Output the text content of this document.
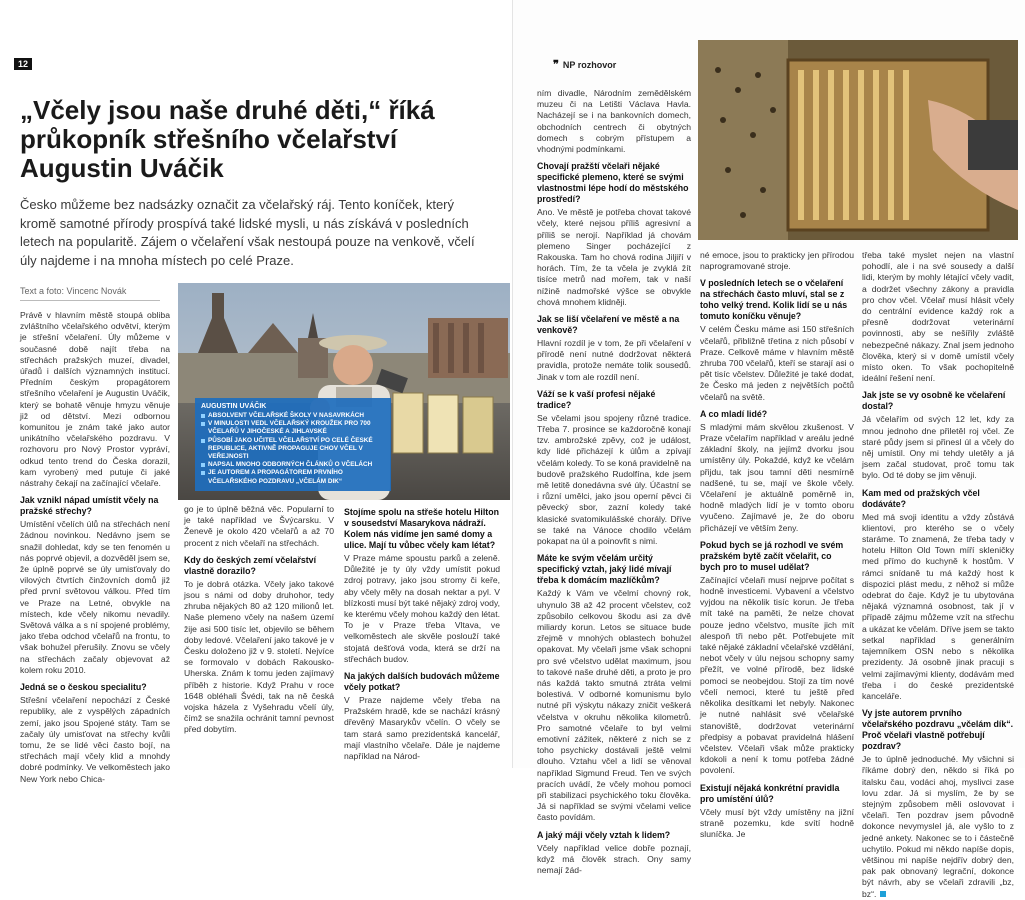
12
„Včely jsou naše druhé děti,“ říká průkopník střešního včelařství Augustin Uváčik

Česko můžeme bez nadsázky označit za včelařský ráj. Tento koníček, který kromě samotné přírody prospívá také lidské mysli, u nás získává v posledních letech na popularitě. Zájem o včelaření však nestoupá pouze na venkově, včelí úly najdeme i na mnoha místech po celé Praze.

Text a foto: Vincenc Novák

Právě v hlavním městě stoupá obliba zvláštního včelařského odvětví, kterým je střešní včelaření. Úly můžeme v současné době najít třeba na střechách pražských muzeí, divadel, úřadů i dalších významných institucí. Předním českým propagátorem střešního včelaření je Augustin Uváčik, který se bohatě věnuje hmyzu věnuje již od dětství. Mezi odbornou komunitou je znám také jako autor unikátního včelařského pozdravu. V rozhovoru pro Nový Prostor vypráví, odkud tento trend do Česka dorazil, kam vyrobený med putuje či jaké nástrahy čekají na začínající včelaře.

Jak vznikl nápad umístit včely na pražské střechy?

Umístění včelích úlů na střechách není žádnou novinkou. Nedávno jsem se snažil dohledat, kdy se ten fenomén u nás poprvé objevil, a dozvěděl jsem se, že úplně poprvé se úly umisťovaly do vilových čtvrtích činžovních domů již před první světovou válkou. Před tím ve Praze na Letné, obvykle na místech, kde včely nikomu nevadily. Světová válka a s ní spojené problémy, jako třeba odchod včelařů na frontu, to však bohužel přerušily. Znovu se včely na střechách začaly objevovat až kolem roku 2010.

Jedná se o českou specialitu?

Střešní včelaření nepochází z České republiky, ale z vyspělých západních zemí, jako jsou Spojené státy. Tam se začaly úly umisťovat na střechy kvůli tomu, že se lidé věci často bojí, na střechách mají včely klid a mnohdy dobré podmínky. Ve velkoměstech jako New York nebo Chica-

AUGUSTIN UVÁČIK
ABSOLVENT VČELAŘSKÉ ŠKOLY V NASAVRKÁCH
V MINULOSTI VEDL VČELAŘSKÝ KROUŽEK PRO 700 VČELAŘŮ V JIHOČESKÉ A JIHLAVSKÉ
PŮSOBÍ JAKO UČITEL VČELAŘSTVÍ PO CELÉ ČESKÉ REPUBLICE, AKTIVNĚ PROPAGUJE CHOV VČEL V VEŘEJNOSTI
NAPSAL MNOHO ODBORNÝCH ČLÁNKŮ O VČELÁCH
JE AUTOREM A PROPAGÁTOREM PRVNÍHO VČELAŘSKÉHO POZDRAVU „VČELÁM DIK“

go je to úplně běžná věc. Popularní to je také například ve Švýcarsku. V Ženevě je okolo 420 včelařů a až 70 procent z nich včelaří na střechách.

Kdy do českých zemí včelařství vlastně dorazilo?

To je dobrá otázka. Včely jako takové jsou s námi od doby druhohor, tedy zhruba nějakých 80 až 120 milionů let. Naše plemeno včely na našem území žije asi 500 tisíc let, objevilo se během doby ledové. Včelaření jako takové je v Česku doloženo již v 9. století. Nejvíce se formovalo v dobách Rakousko-Uherska. Znám k tomu jeden zajímavý příběh z historie. Když Prahu v roce 1648 obléhali Švédi, tak na ně česká vojska házela z Vyšehradu včelí úly, čímž se snažila ochránit tamní pevnost před dobytím.

Stojíme spolu na střeše hotelu Hilton v sousedství Masarykova nádraží. Kolem nás vidíme jen samé domy a ulice. Mají tu vůbec včely kam létat?

V Praze máme spoustu parků a zeleně. Důležité je ty úly vždy umístit pokud zdroj potravy, jako jsou stromy či keře, aby včely měly na dosah nektar a pyl. V blízkosti musí být také nějaký zdroj vody, ke kterému včely mohou každý den létat. To je v Praze třeba Vltava, ve velkoměstech ale skvěle poslouží také stojatá dešťová voda, která se drží na střechách budov.

Na jakých dalších budovách můžeme včely potkat?

V Praze najdeme včely třeba na Pražském hradě, kde se nachází krásný dřevěný Masarykův včelín. O včely se tam stará samo prezidentská kancelář, mají vlastního včelaře. Dále je najdeme například na Národ-

❞ NP rozhovor

ním divadle, Národním zemědělském muzeu či na Letišti Václava Havla. Nacházejí se i na bankovních domech, obchodních centrech či obytných domech s cobrým přístupem a vhodnými podmínkami.

Chovají pražští včelaři nějaké specifické plemeno, které se svými vlastnostmi lépe hodí do městského prostředí?

Ano. Ve městě je potřeba chovat takové včely, které nejsou příliš agresivní a příliš se nerojí. Například já chovám plemeno Singer pocházející z Rakouska. Tam ho chová rodina Jiljiří v horách. Tím, že ta včela je zvyklá žít tisíce metrů nad mořem, tak v naší nížině nadmořské výšce se obvykle chová mnohem klidněji.

Jak se liší včelaření ve městě a na venkově?

Hlavní rozdíl je v tom, že při včelaření v přírodě není nutné dodržovat některá pravidla, protože nemáte tolik sousedů. Jinak v tom ale rozdíl není.

Váží se k vaší profesi nějaké tradice?

Se včelami jsou spojeny různé tradice. Třeba 7. prosince se každoročně konají tzv. ambrožské zpěvy, což je událost, kdy lidé přicházejí k úlům a zpívají včelám koledy. To se koná pravidelně na budově pražského Rudolfína, kde jsem mě letitě donedávna své úly. Účastní se i různí umělci, jako jsou operní pěvci či pěvecký sbor, zazní koledy také klasické svatomikulášské chorály. Dříve se také na Vánoce chodilo včelám pokapat na úl a poinovfit s nimi.

Máte ke svým včelám určitý specifický vztah, jaký lidé mívají třeba k domácím mazlíčkům?

Každý k Vám ve včelmí chovný rok, uhynulo 38 až 42 procent včelstev, což způsobilo celkovou škodu asi za dvě miliardy korun. Letos se situace bude zřejmě v mnohých oblastech bohužel opakovat. My včelaři jsme však schopni pro své včelstvo udělat maximum, jsou to takové naše druhé děti, a proto je pro nás každá takto smutná ztráta velmi bolestivá. V odborné komunismu bylo nutné při výskytu nákazy zničit veškerá včelstva v okruhu několika kilometrů. Pro samotné včelaře to byl velmi emotivní zážitek, některé z nich se z toho psychicky dostávali ještě velmi dlouho. Vztahu včel a lidí se věnoval například Sigmund Freud. Ten ve svých pracích uvádí, že včely mohou pomoci při stabilizaci psychického toku člověka. Já si například se svými včelami velice často povídám.

A jaký máji včely vztah k lidem?

Včely například velice dobře poznají, když má člověk strach. Ony samy nemají žád-

né emoce, jsou to prakticky jen přírodou naprogramované stroje.

V posledních letech se o včelaření na střechách často mluví, stal se z toho velký trend. Kolik lidí se u nás tomuto koníčku věnuje?

V celém Česku máme asi 150 střešních včelařů, přibližně třetina z nich působí v Praze. Celkově máme v hlavním městě zhruba 700 včelařů, kteří se starají asi o pět tisíc včelstev. Důležité je také dodat, že Česko má jeden z největších počtů včelařů na světě.

A co mladí lidé?

S mladými mám skvělou zkušenost. V Praze včelařím například v areálu jedné základní školy, na jejímž dvorku jsou umístěny úly. Pokaždé, když ke včelám přijdu, tak jsou tamní děti nesmírně nadšené, tu se, mají ve škole včely. Včelaření je aktuálně poměrně in, hodně mladých lidí je v tomto oboru vyučeno. Zajímavé je, že do oboru přicházejí ve větším ženy.

Pokud bych se já rozhodl ve svém pražském bytě začít včelařit, co bych pro to musel udělat?

Začínající včelaři musí nejprve počítat s hodně investicemi. Vybavení a včelstvo vyjdou na několik tisíc korun. Je třeba mít také na paměti, že nelze chovat pouze jedno včelstvo, musíte jich mít alespoň tři nebo pět. Potřebujete mít také nějaké základní včelařské vzdělání, nebot včely v úlu nejsou schopny samy přežít, ve volné přírodě, bez lidské pomoci se neobejdou. Stojí za tím nové včelí nemoci, které tu ještě před několika desítkami let nebyly. Nakonec je nutné nahlásit své včelařské stanoviště, dodržovat veterinární předpisy a pobavat pravidelná hlášení včelstev. Včelaři však může prakticky kdokoli a není k tomu potřeba žádné povolení.

Existují nějaká konkrétní pravidla pro umístění úlů?

Včely musí být vždy umístěny na jižní straně pozemku, kde svítí hodně sluníčka. Je

třeba také myslet nejen na vlastní pohodlí, ale i na své sousedy a další lidi, kterým by mohly létající včely vadit, a dodržet všechny zákony a pravidla pro chov včel. Včelař musí hlásit včely do centrální evidence každý rok a přesně dodržovat veterinární povinnosti, aby se nešířily zvláště nebezpečné nákazy. Znal jsem jednoho člověka, který si v domě umístil včely místo oken. To však pochopitelně ideální řešení není.

Jak jste se vy osobně ke včelaření dostal?

Já včelařím od svých 12 let, kdy za mnou jednoho dne přiletěl roj včel. Ze staré půdy jsem si přinesl úl a včely do něj umístil. Ony mi tehdy uletěly a já jsem začal studovat, proč tomu tak bylo. Od té doby se jim věnuji.

Kam med od pražských včel dodáváte?

Med má svoji identitu a vždy zůstává klientovi, pro kterého se o včely staráme. To znamená, že třeba tady v hotelu Hilton Old Town míří skleničky med přímo do kuchyně k hostům. V rámci snídaně tu má každý host k dispozici plást medu, z něhož si může odebrat do čaje. Když je tu ubytována nějaká významná osobnost, tak jí v případě zájmu můžeme vzít na střechu a ukázat ke včelám. Dříve jsem se takto setkal například s generálním tajemníkem OSN nebo s několika prezidenty. Já osobně jinak pracuji s velmi zajímavými klienty, dodávám med třeba i do české prezidentské kanceláře.

Vy jste autorem prvního včelařského pozdravu „včelám dík“. Proč včelaři vlastně potřebují pozdrav?

Je to úplně jednoduché. My všichni si říkáme dobrý den, někdo si říká po italsku čau, vodáci ahoj, myslivci zase lovu zdar. Já si myslím, že by se stejným způsobem měli oslovovat i včelaři. Ten pozdrav jsem původně dokonce nevymyslel já, ale vyšlo to z jedné ankety. Nakonec se to i částečně uchytilo. Pokud mi někdo napíše dopis, většinou mi napíše nejdřív dobrý den, pak pak obnovaný legrační, dokonce být návrh, aby se včelaři zdravili „bz, bz“.
